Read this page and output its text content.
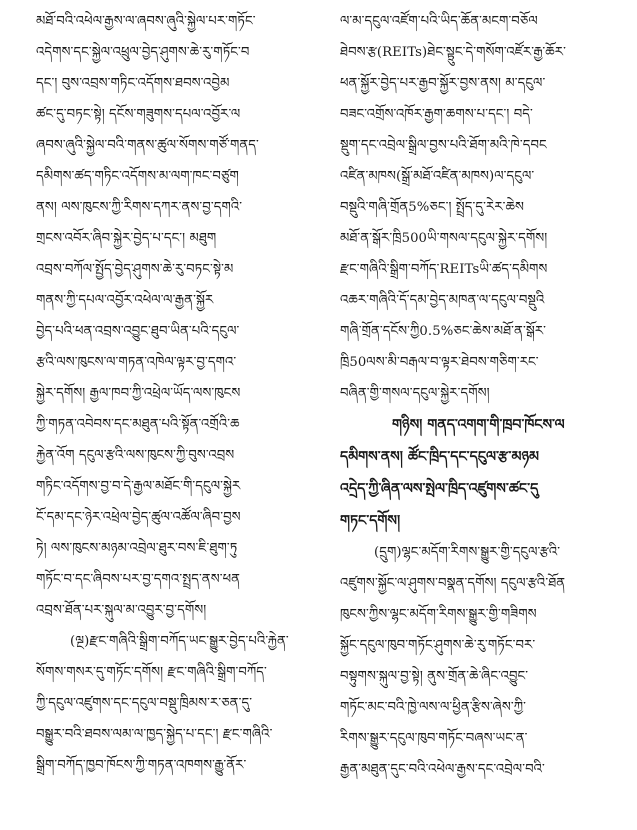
མཐོ་བའི་འཕེལ་རྒྱས་ལ་ཞབས་ཞུའི་སྐྱེལ་པར་གཏོང་
འདེགས་དང་སྐྱེལ་འཕྲུལ་བྱེད་ཤུགས་ཆེ་རུ་གཏོང་བ
དང་། བུས་འབྲས་གཏིང་འདོགས་ཐབས་འབྱེམ
ཚང་དུ་བཏང་སྟེ། དངོས་གཟུགས་དཔལ་འབྱོར་ལ
ཞབས་ཞུའི་སྐྱེལ་བའི་གནས་ཚུལ་སོགས་གཙོ་གནད་
དམིགས་ཚད་གཏིང་འདོགས་མ་ལག་ཁང་བཙུག
ནས། ལས་ཁུངས་ཀྱི་རིགས་དཀར་ནས་བྱ་དགའི་
གྲངས་འབོར་ཞིབ་སྐྱེར་བྱེད་པ་དང་། མཐུག
འབྲས་བཀོལ་སྤྱོད་བྱེད་ཤུགས་ཆེ་རུ་བཏང་སྟེ་མ
གནས་ཀྱི་དཔལ་འབྱོར་འཕེལ་ལ་རྒྱན་སྐྱོར
བྱེད་པའི་ཕན་འབྲས་འབྱུང་ཐུབ་ཡིན་པའི་དངུལ་
རྩའི་ལས་ཁུངས་ལ་གཏན་འཁེལ་ལྟར་བྱ་དགའ་
སྐྱེར་དགོས། རྒྱལ་ཁབ་ཀྱི་འཕྲེལ་ཡོད་ལས་ཁུངས
ཀྱི་གཏན་འབེབས་དང་མཐུན་པའི་སྟོན་འགྲོའི་ཆ
རྐྱེན་འོག དངུལ་རྩའི་ལས་ཁུངས་ཀྱི་བུས་འབྲས
གཏིང་འདོགས་བྱ་བ་དེ་རྒྱལ་མཐོང་གི་དངུལ་སྐྱེར
ངོ་དམ་དང་ཉེར་འཕྲེལ་བྱེད་ཚུལ་འཚོལ་ཞིབ་བྱས
ཏེ། ལས་ཁུངས་མཉམ་འབྲེལ་ཐུར་བས་ཇི་ཐུག་ཏུ
གཏོང་བ་དང་ཞིབས་པར་བྱ་དགའ་སྤྲད་ནས་ཕན
འབྲས་ཐོན་པར་སྐུལ་མ་འབྱུར་བྱ་དགོས།
(ལྔ)རྫང་གཞིའི་སྒྲིག་བཀོད་ཡང་སྒྱུར་བྱེད་པའི་རྐྱེན་
སོགས་གསར་དུ་གཏོང་དགོས། རྫང་གཞིའི་སྒྲིག་བཀོད་
ཀྱི་དངུལ་འཛུགས་དང་དངུལ་བསྡུ་ཁྲིམས་ར་ཅན་དུ་
བསྒྱུར་བའི་ཐབས་ལམ་ལ་ཁྱད་སྐྱེད་པ་དང་། རྫང་གཞིའི་
སྒྲིག་བཀོད་ཁྱབ་ཁོངས་ཀྱི་གཏན་འཁགས་རྒྱུ་ནོར་
ལ་མ་དངུལ་འཛོག་པའི་ཡིད་ཆོན་མངག་བཅོལ
ཐེབས་རྩ(REITs)ཐེང་སྟྲུང་དེ་གསོག་འཛོར་རྒྱ་ཆོར་
ཕན་སྐྱོར་བྱེད་པར་རྒྱབ་སྐྱོར་བྱས་ནས། མ་དངུལ་
བཟང་འགྲོས་འཁོར་རྒྱག་ཆགས་པ་དང་། བདེ་
སྡུག་དང་འབྲེལ་སྒྲིལ་བྱས་པའི་ཐོག་མའི་ཁེ་དབང
འཛིན་མཁས(སྒྲོ་མཐོ་འཛིན་མཁས)ལ་དངུལ་
བསྡུའི་གཞི་གྲོན5%ཅང་། སྤྲོད་དུ་རེར་ཆེས
མཐོ་ན་སྒོར་ཁྲི500ཡི་གསལ་དངུལ་སྐྱེར་དགོས།
རྫང་གཞིའི་སྒྲིག་བཀོད་REITsཡི་ཚད་དམིགས
འཆར་གཞིའི་དོ་དམ་བྱེད་མཁན་ལ་དངུལ་བསྡུའི
གཞི་གྲོན་དངོས་ཀྱི0.5%ཅང་ཆེས་མཐོ་ན་སྒོར་
ཁྲི50ལས་མི་བརྒལ་བ་ལྟར་ཐེབས་གཅིག་རང་
བཞིན་གྱི་གསལ་དངུལ་སྐྱེར་དགོས།
གཉིས། གནད་འགག་གི་ཁྲབ་ཁོངས་ལ
དམིགས་ནས། ཚོང་ཁྲིད་དང་དངུལ་རྩ་མཉམ
འདྲེད་ཀྱི་ཞིན་ལས་སྤེལ་ཁྲིད་འཛུགས་ཚང་དུ
གཏང་དགོས།
(དྲུག)ལྷང་མདོག་རིགས་སྒྱུར་གྱི་དངུལ་རྩའི་
འཛུགས་སྐྱོང་ལ་ཤུགས་བསྣན་དགོས། དངུལ་རྩའི་ཐོན
ཁུངས་ཀྱིས་ལྷང་མདོག་རིགས་སྒྱུར་གྱི་གཟིགས
སྐྱོང་དངུལ་ཁུབ་གཏོང་ཤུགས་ཆེ་རུ་གཏོང་བར་
བསྟུགས་སྐུལ་བྱ་སྟེ། ནུས་གྲོན་ཆེ་ཞིང་འབྱུང་
གཏོང་མང་བའི་ཁྱེ་ལས་ལ་ཕྱིན་རྩིས་ཞེས་ཀྱི་
རིགས་སྒྱུར་དངུལ་ཁུབ་གཏོང་བཞས་ཡང་ན་
རྒྱན་མཐུན་དུང་བའི་འཕེལ་རྒྱས་དང་འབྲེལ་བའི་
